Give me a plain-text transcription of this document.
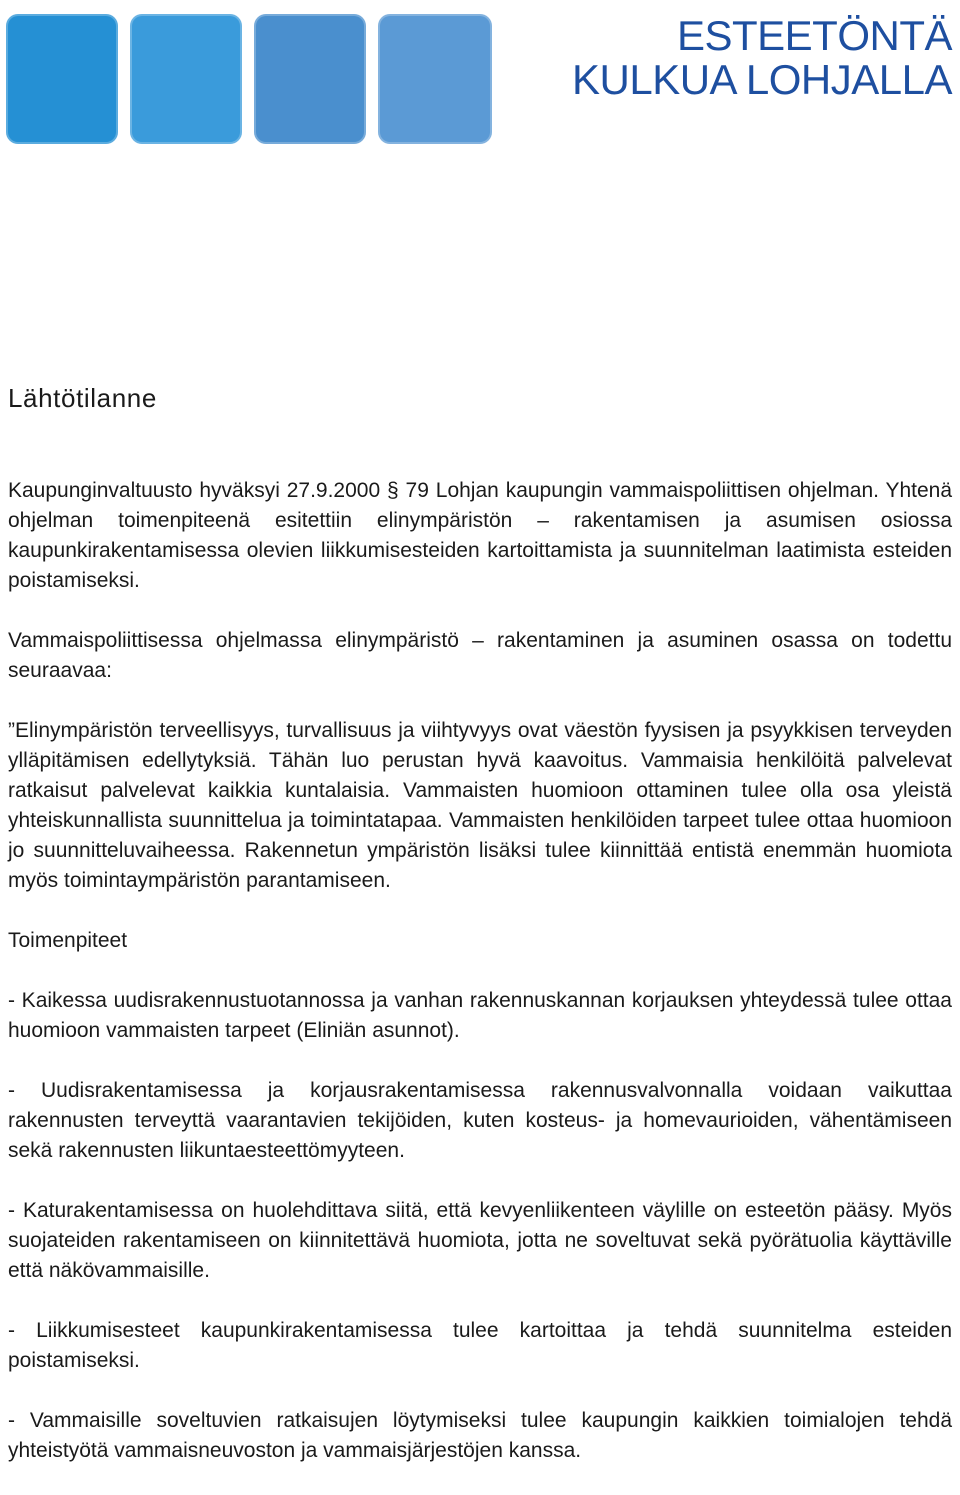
ESTEETÖNTÄ
KULKUA LOHJALLA
Lähtötilanne

Kaupunginvaltuusto hyväksyi 27.9.2000 § 79 Lohjan kaupungin vammaispoliittisen ohjelman. Yhtenä ohjelman toimenpiteenä esitettiin elinympäristön – rakentamisen ja asumisen osiossa kaupunkirakentamisessa olevien liikkumisesteiden kartoittamista ja suunnitelman laatimista esteiden poistamiseksi.

Vammaispoliittisessa ohjelmassa elinympäristö – rakentaminen ja asuminen osassa on todettu seuraavaa:

”Elinympäristön terveellisyys, turvallisuus ja viihtyvyys ovat väestön fyysisen ja psyykkisen terveyden ylläpitämisen edellytyksiä. Tähän luo perustan hyvä kaavoitus. Vammaisia henkilöitä palvelevat ratkaisut palvelevat kaikkia kuntalaisia. Vammaisten huomioon ottaminen tulee olla osa yleistä yhteiskunnallista suunnittelua ja toimintatapaa. Vammaisten henkilöiden tarpeet tulee ottaa huomioon jo suunnitteluvaiheessa. Rakennetun ympäristön lisäksi tulee kiinnittää entistä enemmän huomiota myös toimintaympäristön parantamiseen.

Toimenpiteet

- Kaikessa uudisrakennustuotannossa ja vanhan rakennuskannan korjauksen yhteydessä tulee ottaa huomioon vammaisten tarpeet (Eliniän asunnot).

- Uudisrakentamisessa ja korjausrakentamisessa rakennusvalvonnalla voidaan vaikuttaa rakennusten terveyttä vaarantavien tekijöiden, kuten kosteus- ja homevaurioiden, vähentämiseen sekä rakennusten liikuntaesteettömyyteen.

- Katurakentamisessa on huolehdittava siitä, että kevyenliikenteen väylille on esteetön pääsy. Myös suojateiden rakentamiseen on kiinnitettävä huomiota, jotta ne soveltuvat sekä pyörätuolia käyttäville että näkövammaisille.

- Liikkumisesteet kaupunkirakentamisessa tulee kartoittaa ja tehdä suunnitelma esteiden poistamiseksi.

- Vammaisille soveltuvien ratkaisujen löytymiseksi tulee kaupungin kaikkien toimialojen tehdä yhteistyötä vammaisneuvoston ja vammaisjärjestöjen kanssa.
